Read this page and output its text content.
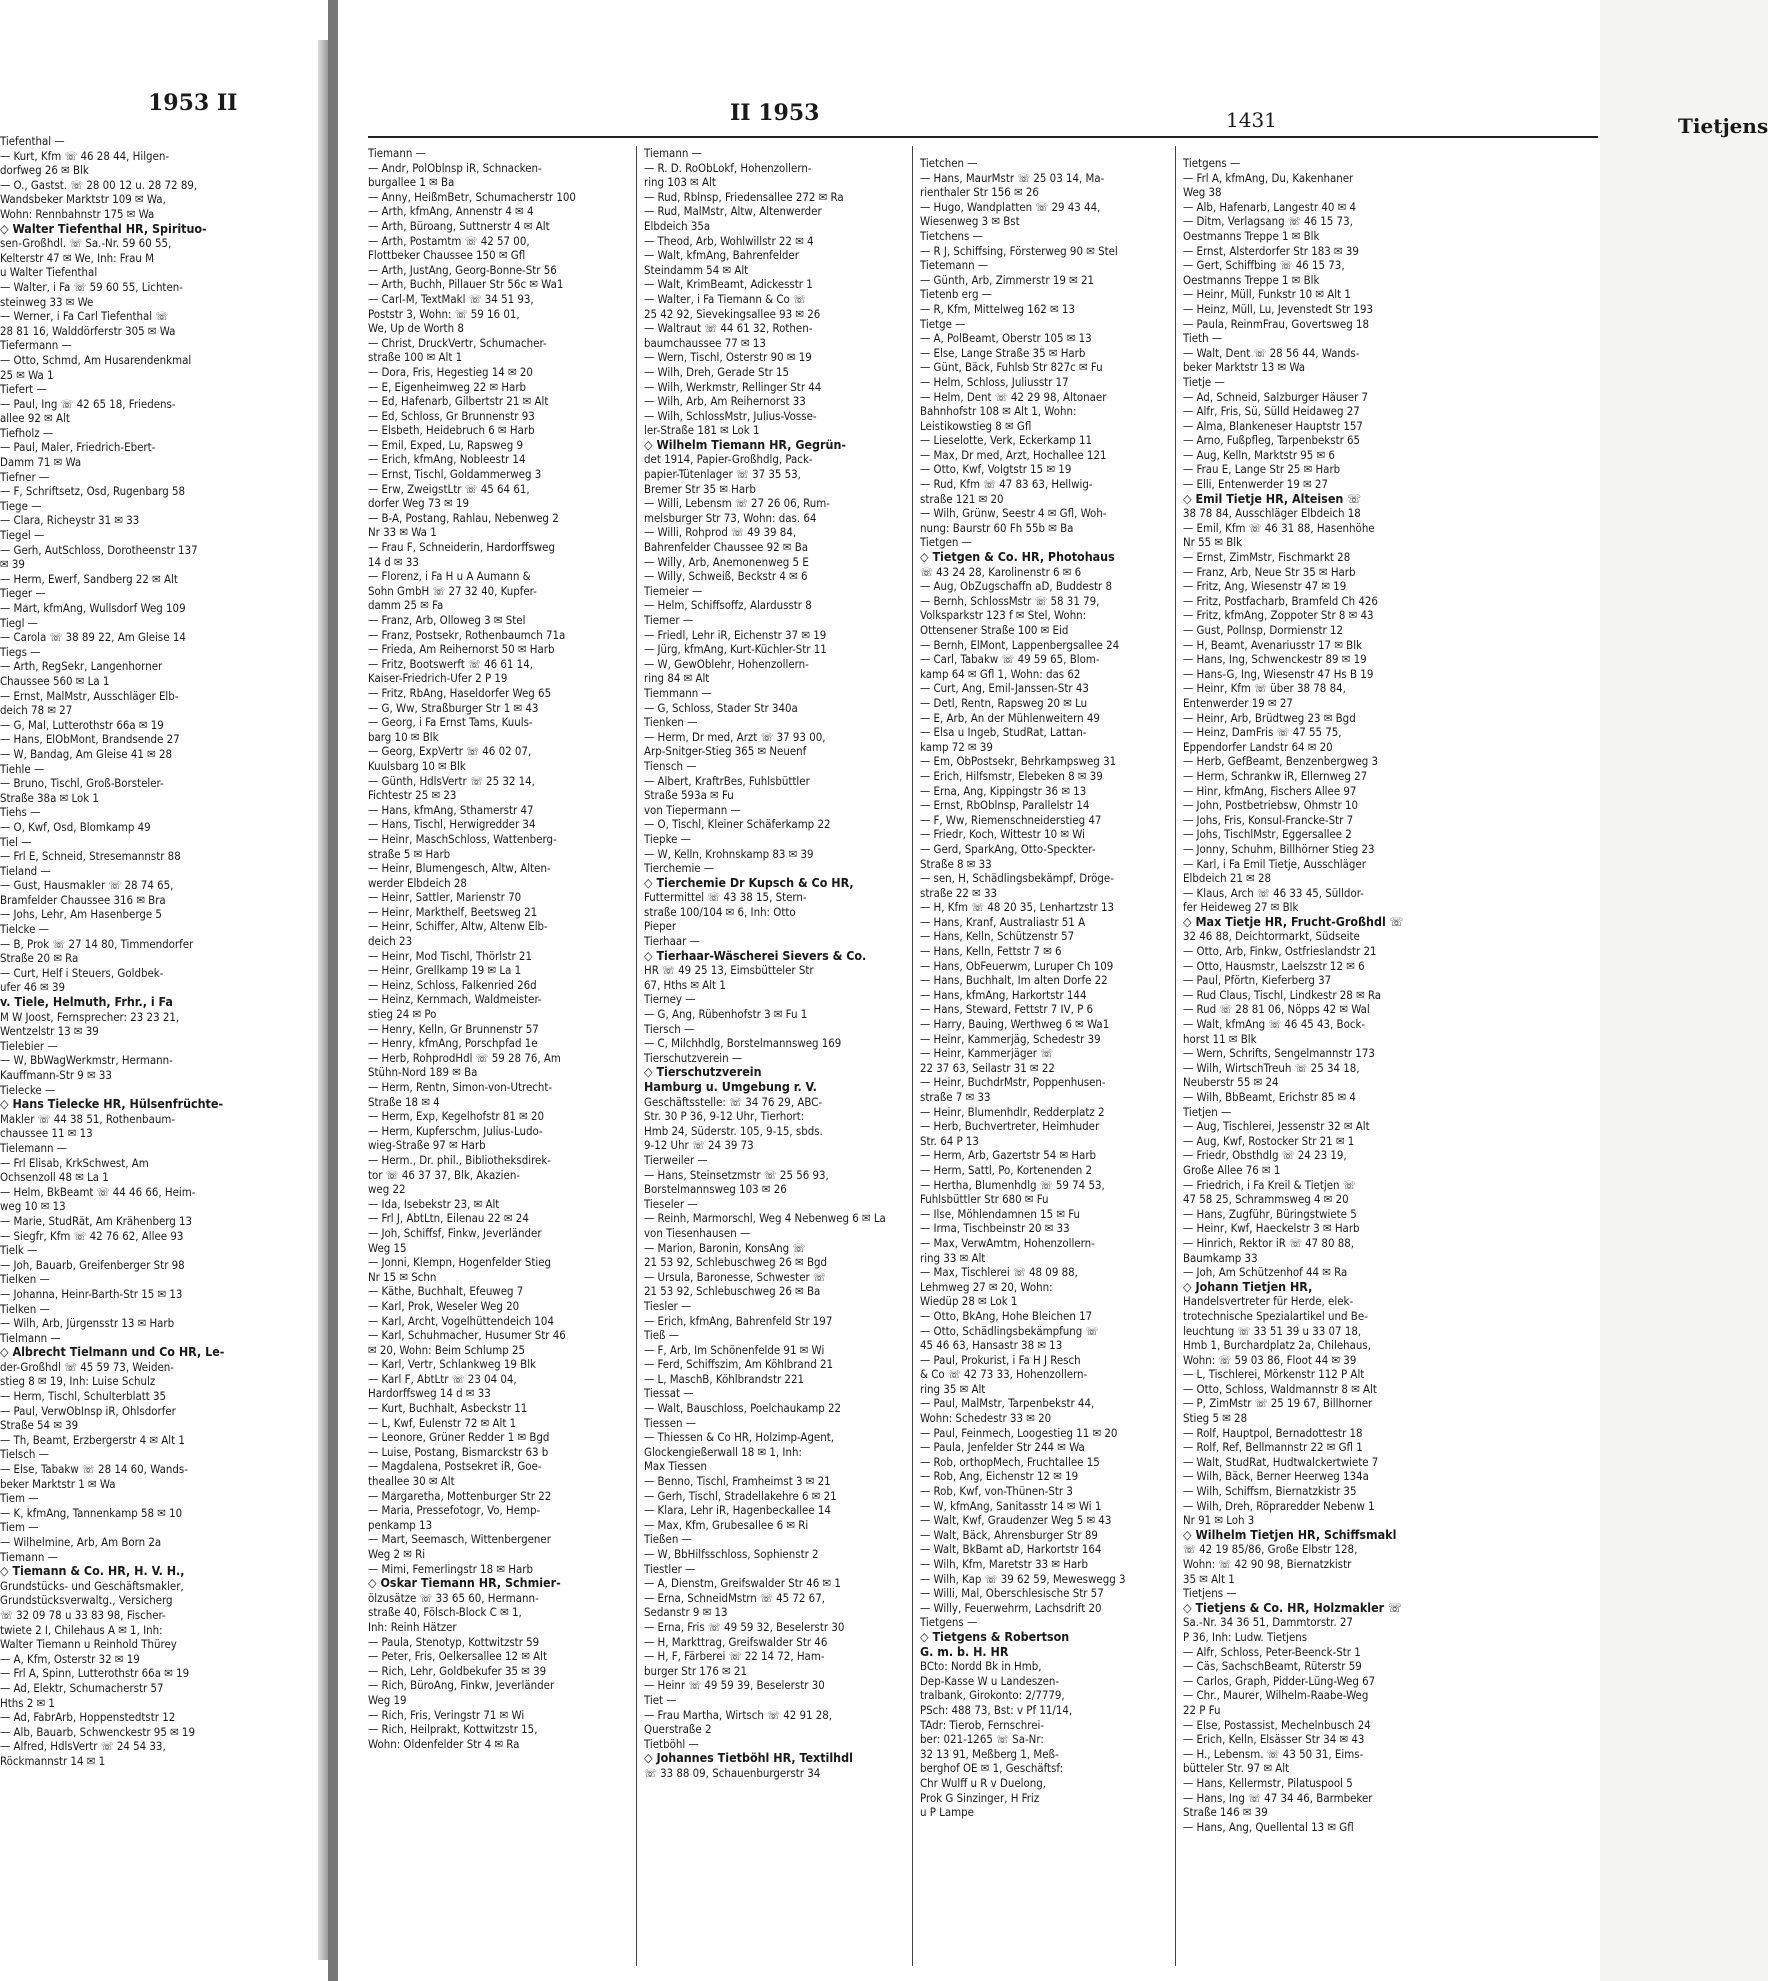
1953 II
Tiefenthal —
— Kurt, Kfm ☏ 46 28 44, Hilgen-
dorfweg 26 ✉ Blk
— O., Gastst. ☏ 28 00 12 u. 28 72 89,
Wandsbeker Marktstr 109 ✉ Wa,
Wohn: Rennbahnstr 175 ✉ Wa
◇ Walter Tiefenthal HR, Spirituo-
sen-Großhdl. ☏ Sa.-Nr. 59 60 55,
Kelterstr 47 ✉ We, Inh: Frau M
u Walter Tiefenthal
— Walter, i Fa ☏ 59 60 55, Lichten-
steinweg 33 ✉ We
— Werner, i Fa Carl Tiefenthal ☏
28 81 16, Walddörferstr 305 ✉ Wa
Tiefermann —
— Otto, Schmd, Am Husarendenkmal
25 ✉ Wa 1
Tiefert —
— Paul, Ing ☏ 42 65 18, Friedens-
allee 92 ✉ Alt
Tiefholz —
— Paul, Maler, Friedrich-Ebert-
Damm 71 ✉ Wa
Tiefner —
— F, Schriftsetz, Osd, Rugenbarg 58
Tiege —
— Clara, Richeystr 31 ✉ 33
Tiegel —
— Gerh, AutSchloss, Dorotheenstr 137
✉ 39
— Herm, Ewerf, Sandberg 22 ✉ Alt
Tieger —
— Mart, kfmAng, Wullsdorf Weg 109
Tiegl —
— Carola ☏ 38 89 22, Am Gleise 14
Tiegs —
— Arth, RegSekr, Langenhorner
Chaussee 560 ✉ La 1
— Ernst, MalMstr, Ausschläger Elb-
deich 78 ✉ 27
— G, Mal, Lutterothstr 66a ✉ 19
— Hans, ElObMont, Brandsende 27
— W, Bandag, Am Gleise 41 ✉ 28
Tiehle —
— Bruno, Tischl, Groß-Borsteler-
Straße 38a ✉ Lok 1
Tiehs —
— O, Kwf, Osd, Blomkamp 49
Tiel —
— Frl E, Schneid, Stresemannstr 88
Tieland —
— Gust, Hausmakler ☏ 28 74 65,
Bramfelder Chaussee 316 ✉ Bra
— Johs, Lehr, Am Hasenberge 5
Tielcke —
— B, Prok ☏ 27 14 80, Timmendorfer
Straße 20 ✉ Ra
— Curt, Helf i Steuers, Goldbek-
ufer 46 ✉ 39
v. Tiele, Helmuth, Frhr., i Fa
M W Joost, Fernsprecher: 23 23 21,
Wentzelstr 13 ✉ 39
Tielebier —
— W, BbWagWerkmstr, Hermann-
Kauffmann-Str 9 ✉ 33
Tielecke —
◇ Hans Tielecke HR, Hülsenfrüchte-
Makler ☏ 44 38 51, Rothenbaum-
chaussee 11 ✉ 13
Tielemann —
— Frl Elisab, KrkSchwest, Am
Ochsenzoll 48 ✉ La 1
— Helm, BkBeamt ☏ 44 46 66, Heim-
weg 10 ✉ 13
— Marie, StudRät, Am Krähenberg 13
— Siegfr, Kfm ☏ 42 76 62, Allee 93
Tielk —
— Joh, Bauarb, Greifenberger Str 98
Tielken —
— Johanna, Heinr-Barth-Str 15 ✉ 13
Tielken —
— Wilh, Arb, Jürgensstr 13 ✉ Harb
Tielmann —
◇ Albrecht Tielmann und Co HR, Le-
der-Großhdl ☏ 45 59 73, Weiden-
stieg 8 ✉ 19, Inh: Luise Schulz
— Herm, Tischl, Schulterblatt 35
— Paul, VerwObInsp iR, Ohlsdorfer
Straße 54 ✉ 39
— Th, Beamt, Erzbergerstr 4 ✉ Alt 1
Tielsch —
— Else, Tabakw ☏ 28 14 60, Wands-
beker Marktstr 1 ✉ Wa
Tiem —
— K, kfmAng, Tannenkamp 58 ✉ 10
Tiem —
— Wilhelmine, Arb, Am Born 2a
Tiemann —
◇ Tiemann & Co. HR, H. V. H.,
Grundstücks- und Geschäftsmakler,
Grundstücksverwaltg., Versicherg
☏ 32 09 78 u 33 83 98, Fischer-
twiete 2 I, Chilehaus A ✉ 1, Inh:
Walter Tiemann u Reinhold Thürey
— A, Kfm, Osterstr 32 ✉ 19
— Frl A, Spinn, Lutterothstr 66a ✉ 19
— Ad, Elektr, Schumacherstr 57
Hths 2 ✉ 1
— Ad, FabrArb, Hoppenstedtstr 12
— Alb, Bauarb, Schwenckestr 95 ✉ 19
— Alfred, HdlsVertr ☏ 24 54 33,
Röckmannstr 14 ✉ 1
II 1953	1431	Tietjens
Tiemann —
— Andr, PolOblnsp iR, Schnacken-
burgallee 1 ✉ Ba
— Anny, HeißmBetr, Schumacherstr 100
— Arth, kfmAng, Annenstr 4 ✉ 4
— Arth, Büroang, Suttnerstr 4 ✉ Alt
— Arth, Postamtm ☏ 42 57 00,
Flottbeker Chaussee 150 ✉ Gfl
— Arth, JustAng, Georg-Bonne-Str 56
— Arth, Buchh, Pillauer Str 56c ✉ Wa1
— Carl-M, TextMakl ☏ 34 51 93,
Poststr 3, Wohn: ☏ 59 16 01,
We, Up de Worth 8
— Christ, DruckVertr, Schumacher-
straße 100 ✉ Alt 1
— Dora, Fris, Hegestieg 14 ✉ 20
— E, Eigenheimweg 22 ✉ Harb
— Ed, Hafenarb, Gilbertstr 21 ✉ Alt
— Ed, Schloss, Gr Brunnenstr 93
— Elsbeth, Heidebruch 6 ✉ Harb
— Emil, Exped, Lu, Rapsweg 9
— Erich, kfmAng, Nobleestr 14
— Ernst, Tischl, Goldammerweg 3
— Erw, ZweigstLtr ☏ 45 64 61,
dorfer Weg 73 ✉ 19
— B-A, Postang, Rahlau, Nebenweg 2
Nr 33 ✉ Wa 1
— Frau F, Schneiderin, Hardorffsweg
14 d ✉ 33
— Florenz, i Fa H u A Aumann &
Sohn GmbH ☏ 27 32 40, Kupfer-
damm 25 ✉ Fa
— Franz, Arb, Olloweg 3 ✉ Stel
— Franz, Postsekr, Rothenbaumch 71a
— Frieda, Am Reihernorst 50 ✉ Harb
— Fritz, Bootswerft ☏ 46 61 14,
Kaiser-Friedrich-Ufer 2 P 19
— Fritz, RbAng, Haseldorfer Weg 65
— G, Ww, Straßburger Str 1 ✉ 43
— Georg, i Fa Ernst Tams, Kuuls-
barg 10 ✉ Blk
— Georg, ExpVertr ☏ 46 02 07,
Kuulsbarg 10 ✉ Blk
— Günth, HdlsVertr ☏ 25 32 14,
Fichtestr 25 ✉ 23
— Hans, kfmAng, Sthamerstr 47
— Hans, Tischl, Herwigredder 34
— Heinr, MaschSchloss, Wattenberg-
straße 5 ✉ Harb
— Heinr, Blumengesch, Altw, Alten-
werder Elbdeich 28
— Heinr, Sattler, Marienstr 70
— Heinr, Markthelf, Beetsweg 21
— Heinr, Schiffer, Altw, Altenw Elb-
deich 23
— Heinr, Mod Tischl, Thörlstr 21
— Heinr, Grellkamp 19 ✉ La 1
— Heinz, Schloss, Falkenried 26d
— Heinz, Kernmach, Waldmeister-
stieg 24 ✉ Po
— Henry, Kelln, Gr Brunnenstr 57
— Henry, kfmAng, Porschpfad 1e
— Herb, RohprodHdl ☏ 59 28 76, Am
Stühn-Nord 189 ✉ Ba
— Herm, Rentn, Simon-von-Utrecht-
Straße 18 ✉ 4
— Herm, Exp, Kegelhofstr 81 ✉ 20
— Herm, Kupferschm, Julius-Ludo-
wieg-Straße 97 ✉ Harb
— Herm., Dr. phil., Bibliotheksdirek-
tor ☏ 46 37 37, Blk, Akazien-
weg 22
— Ida, Isebekstr 23, ✉ Alt
— Frl J, AbtLtn, Eilenau 22 ✉ 24
— Joh, Schiffsf, Finkw, Jeverländer
Weg 15
— Jonni, Klempn, Hogenfelder Stieg
Nr 15 ✉ Schn
— Käthe, Buchhalt, Efeuweg 7
— Karl, Prok, Weseler Weg 20
— Karl, Archt, Vogelhüttendeich 104
— Karl, Schuhmacher, Husumer Str 46
✉ 20, Wohn: Beim Schlump 25
— Karl, Vertr, Schlankweg 19 Blk
— Karl F, AbtLtr ☏ 23 04 04,
Hardorffsweg 14 d ✉ 33
— Kurt, Buchhalt, Asbeckstr 11
— L, Kwf, Eulenstr 72 ✉ Alt 1
— Leonore, Grüner Redder 1 ✉ Bgd
— Luise, Postang, Bismarckstr 63 b
— Magdalena, Postsekret iR, Goe-
theallee 30 ✉ Alt
— Margaretha, Mottenburger Str 22
— Maria, Pressefotogr, Vo, Hemp-
penkamp 13
— Mart, Seemasch, Wittenbergener
Weg 2 ✉ Ri
— Mimi, Femerlingstr 18 ✉ Harb
◇ Oskar Tiemann HR, Schmier-
ölzusätze ☏ 33 65 60, Hermann-
straße 40, Fölsch-Block C ✉ 1,
Inh: Reinh Hätzer
— Paula, Stenotyp, Kottwitzstr 59
— Peter, Fris, Oelkersallee 12 ✉ Alt
— Rich, Lehr, Goldbekufer 35 ✉ 39
— Rich, BüroAng, Finkw, Jeverländer
Weg 19
— Rich, Fris, Veringstr 71 ✉ Wi
— Rich, Heilprakt, Kottwitzstr 15,
Wohn: Oldenfelder Str 4 ✉ Ra
Tiemann —
— R. D. RoObLokf, Hohenzollern-
ring 103 ✉ Alt
— Rud, Rblnsp, Friedensallee 272 ✉ Ra
— Rud, MalMstr, Altw, Altenwerder
Elbdeich 35a
— Theod, Arb, Wohlwillstr 22 ✉ 4
— Walt, kfmAng, Bahrenfelder
Steindamm 54 ✉ Alt
— Walt, KrimBeamt, Adickesstr 1
— Walter, i Fa Tiemann & Co ☏
25 42 92, Sievekingsallee 93 ✉ 26
— Waltraut ☏ 44 61 32, Rothen-
baumchaussee 77 ✉ 13
— Wern, Tischl, Osterstr 90 ✉ 19
— Wilh, Dreh, Gerade Str 15
— Wilh, Werkmstr, Rellinger Str 44
— Wilh, Arb, Am Reihernorst 33
— Wilh, SchlossMstr, Julius-Vosse-
ler-Straße 181 ✉ Lok 1
◇ Wilhelm Tiemann HR, Gegrün-
det 1914, Papier-Großhdlg, Pack-
papier-Tütenlager ☏ 37 35 53,
Bremer Str 35 ✉ Harb
— Willi, Lebensm ☏ 27 26 06, Rum-
melsburger Str 73, Wohn: das. 64
— Willi, Rohprod ☏ 49 39 84,
Bahrenfelder Chaussee 92 ✉ Ba
— Willy, Arb, Anemonenweg 5 E
— Willy, Schweiß, Beckstr 4 ✉ 6
Tiemeier —
— Helm, Schiffsoffz, Alardusstr 8
Tiemer —
— Friedl, Lehr iR, Eichenstr 37 ✉ 19
— Jürg, kfmAng, Kurt-Küchler-Str 11
— W, GewOblehr, Hohenzollern-
ring 84 ✉ Alt
Tiemmann —
— G, Schloss, Stader Str 340a
Tienken —
— Herm, Dr med, Arzt ☏ 37 93 00,
Arp-Snitger-Stieg 365 ✉ Neuenf
Tiensch —
— Albert, KraftrBes, Fuhlsbüttler
Straße 593a ✉ Fu
von Tiepermann —
— O, Tischl, Kleiner Schäferkamp 22
Tiepke —
— W, Kelln, Krohnskamp 83 ✉ 39
Tierchemie —
◇ Tierchemie Dr Kupsch & Co HR,
Futtermittel ☏ 43 38 15, Stern-
straße 100/104 ✉ 6, Inh: Otto
Pieper
Tierhaar —
◇ Tierhaar-Wäscherei Sievers & Co.
HR ☏ 49 25 13, Eimsbütteler Str
67, Hths ✉ Alt 1
Tierney —
— G, Ang, Rübenhofstr 3 ✉ Fu 1
Tiersch —
— C, Milchhdlg, Borstelmannsweg 169
Tierschutzverein —
◇ Tierschutzverein
Hamburg u. Umgebung r. V.
Geschäftsstelle: ☏ 34 76 29, ABC-
Str. 30 P 36, 9-12 Uhr, Tierhort:
Hmb 24, Süderstr. 105, 9-15, sbds.
9-12 Uhr ☏ 24 39 73
Tierweiler —
— Hans, Steinsetzmstr ☏ 25 56 93,
Borstelmannsweg 103 ✉ 26
Tieseler —
— Reinh, Marmorschl, Weg 4 Nebenweg 6 ✉ La
von Tiesenhausen —
— Marion, Baronin, KonsAng ☏
21 53 92, Schlebuschweg 26 ✉ Bgd
— Ursula, Baronesse, Schwester ☏
21 53 92, Schlebuschweg 26 ✉ Ba
Tiesler —
— Erich, kfmAng, Bahrenfeld Str 197
Tieß —
— F, Arb, Im Schönenfelde 91 ✉ Wi
— Ferd, Schiffszim, Am Köhlbrand 21
— L, MaschB, Köhlbrandstr 221
Tiessat —
— Walt, Bauschloss, Poelchaukamp 22
Tiessen —
— Thiessen & Co HR, Holzimp-Agent,
Glockengießerwall 18 ✉ 1, Inh:
Max Tiessen
— Benno, Tischl, Framheimst 3 ✉ 21
— Gerh, Tischl, Stradellakehre 6 ✉ 21
— Klara, Lehr iR, Hagenbeckallee 14
— Max, Kfm, Grubesallee 6 ✉ Ri
Tießen —
— W, BbHilfsschloss, Sophienstr 2
Tiestler —
— A, Dienstm, Greifswalder Str 46 ✉ 1
— Erna, SchneidMstrn ☏ 45 72 67,
Sedanstr 9 ✉ 13
— Erna, Fris ☏ 49 59 32, Beselerstr 30
— H, Markttrag, Greifswalder Str 46
— H, F, Färberei ☏ 22 14 72, Ham-
burger Str 176 ✉ 21
— Heinr ☏ 49 59 39, Beselerstr 30
Tiet —
— Frau Martha, Wirtsch ☏ 42 91 28,
Querstraße 2
Tietböhl —
◇ Johannes Tietböhl HR, Textilhdl
☏ 33 88 09, Schauenburgerstr 34
Tietchen —
— Hans, MaurMstr ☏ 25 03 14, Ma-
rienthaler Str 156 ✉ 26
— Hugo, Wandplatten ☏ 29 43 44,
Wiesenweg 3 ✉ Bst
Tietchens —
— R J, Schiffsing, Försterweg 90 ✉ Stel
Tietemann —
— Günth, Arb, Zimmerstr 19 ✉ 21
Tietenb erg —
— R, Kfm, Mittelweg 162 ✉ 13
Tietge —
— A, PolBeamt, Oberstr 105 ✉ 13
— Else, Lange Straße 35 ✉ Harb
— Günt, Bäck, Fuhlsb Str 827c ✉ Fu
— Helm, Schloss, Juliusstr 17
— Helm, Dent ☏ 42 29 98, Altonaer
Bahnhofstr 108 ✉ Alt 1, Wohn:
Leistikowstieg 8 ✉ Gfl
— Lieselotte, Verk, Eckerkamp 11
— Max, Dr med, Arzt, Hochallee 121
— Otto, Kwf, Volgtstr 15 ✉ 19
— Rud, Kfm ☏ 47 83 63, Hellwig-
straße 121 ✉ 20
— Wilh, Grünw, Seestr 4 ✉ Gfl, Woh-
nung: Baurstr 60 Fh 55b ✉ Ba
Tietgen —
◇ Tietgen & Co. HR, Photohaus
☏ 43 24 28, Karolinenstr 6 ✉ 6
— Aug, ObZugschaffn aD, Buddestr 8
— Bernh, SchlossMstr ☏ 58 31 79,
Volksparkstr 123 f ✉ Stel, Wohn:
Ottensener Straße 100 ✉ Eid
— Bernh, ElMont, Lappenbergsallee 24
— Carl, Tabakw ☏ 49 59 65, Blom-
kamp 64 ✉ Gfl 1, Wohn: das 62
— Curt, Ang, Emil-Janssen-Str 43
— Detl, Rentn, Rapsweg 20 ✉ Lu
— E, Arb, An der Mühlenweitern 49
— Elsa u Ingeb, StudRat, Lattan-
kamp 72 ✉ 39
— Em, ObPostsekr, Behrkampsweg 31
— Erich, Hilfsmstr, Elebeken 8 ✉ 39
— Erna, Ang, Kippingstr 36 ✉ 13
— Ernst, RbOblnsp, Parallelstr 14
— F, Ww, Riemenschneiderstieg 47
— Friedr, Koch, Wittestr 10 ✉ Wi
— Gerd, SparkAng, Otto-Speckter-
Straße 8 ✉ 33
— sen, H, Schädlingsbekämpf, Dröge-
straße 22 ✉ 33
— H, Kfm ☏ 48 20 35, Lenhartzstr 13
— Hans, Kranf, Australiastr 51 A
— Hans, Kelln, Schützenstr 57
— Hans, Kelln, Fettstr 7 ✉ 6
— Hans, ObFeuerwm, Luruper Ch 109
— Hans, Buchhalt, Im alten Dorfe 22
— Hans, kfmAng, Harkortstr 144
— Hans, Steward, Fettstr 7 IV, P 6
— Harry, Bauing, Werthweg 6 ✉ Wa1
— Heinr, Kammerjäg, Schedestr 39
— Heinr, Kammerjäger ☏
22 37 63, Seilastr 31 ✉ 22
— Heinr, BuchdrMstr, Poppenhusen-
straße 7 ✉ 33
— Heinr, Blumenhdlr, Redderplatz 2
— Herb, Buchvertreter, Heimhuder
Str. 64 P 13
— Herm, Arb, Gazertstr 54 ✉ Harb
— Herm, Sattl, Po, Kortenenden 2
— Hertha, Blumenhdlg ☏ 59 74 53,
Fuhlsbüttler Str 680 ✉ Fu
— Ilse, Möhlendamnen 15 ✉ Fu
— Irma, Tischbeinstr 20 ✉ 33
— Max, VerwAmtm, Hohenzollern-
ring 33 ✉ Alt
— Max, Tischlerei ☏ 48 09 88,
Lehmweg 27 ✉ 20, Wohn:
Wiedüp 28 ✉ Lok 1
— Otto, BkAng, Hohe Bleichen 17
— Otto, Schädlingsbekämpfung ☏
45 46 63, Hansastr 38 ✉ 13
— Paul, Prokurist, i Fa H J Resch
& Co ☏ 42 73 33, Hohenzollern-
ring 35 ✉ Alt
— Paul, MalMstr, Tarpenbekstr 44,
Wohn: Schedestr 33 ✉ 20
— Paul, Feinmech, Loogestieg 11 ✉ 20
— Paula, Jenfelder Str 244 ✉ Wa
— Rob, orthopMech, Fruchtallee 15
— Rob, Ang, Eichenstr 12 ✉ 19
— Rob, Kwf, von-Thünen-Str 3
— W, kfmAng, Sanitasstr 14 ✉ Wi 1
— Walt, Kwf, Graudenzer Weg 5 ✉ 43
— Walt, Bäck, Ahrensburger Str 89
— Walt, BkBamt aD, Harkortstr 164
— Wilh, Kfm, Maretstr 33 ✉ Harb
— Wilh, Kap ☏ 39 62 59, Meweswegg 3
— Willi, Mal, Oberschlesische Str 57
— Willy, Feuerwehrm, Lachsdrift 20
Tietgens —
◇ Tietgens & Robertson
G. m. b. H. HR
BCto: Nordd Bk in Hmb,
Dep-Kasse W u Landeszen-
tralbank, Girokonto: 2/7779,
PSch: 488 73, Bst: v Pf 11/14,
TAdr: Tierob, Fernschrei-
ber: 021-1265 ☏ Sa-Nr:
32 13 91, Meßberg 1, Meß-
berghof OE ✉ 1, Geschäftsf:
Chr Wulff u R v Duelong,
Prok G Sinzinger, H Friz
u P Lampe
Tietgens —
— Frl A, kfmAng, Du, Kakenhaner
Weg 38
— Alb, Hafenarb, Langestr 40 ✉ 4
— Ditm, Verlagsang ☏ 46 15 73,
Oestmanns Treppe 1 ✉ Blk
— Ernst, Alsterdorfer Str 183 ✉ 39
— Gert, Schiffbing ☏ 46 15 73,
Oestmanns Treppe 1 ✉ Blk
— Heinr, Müll, Funkstr 10 ✉ Alt 1
— Heinz, Müll, Lu, Jevenstedt Str 193
— Paula, ReinmFrau, Govertsweg 18
Tieth —
— Walt, Dent ☏ 28 56 44, Wands-
beker Marktstr 13 ✉ Wa
Tietje —
— Ad, Schneid, Salzburger Häuser 7
— Alfr, Fris, Sü, Sülld Heidaweg 27
— Alma, Blankeneser Hauptstr 157
— Arno, Fußpfleg, Tarpenbekstr 65
— Aug, Kelln, Marktstr 95 ✉ 6
— Frau E, Lange Str 25 ✉ Harb
— Elli, Entenwerder 19 ✉ 27
◇ Emil Tietje HR, Alteisen ☏
38 78 84, Ausschläger Elbdeich 18
— Emil, Kfm ☏ 46 31 88, Hasenhöhe
Nr 55 ✉ Blk
— Ernst, ZimMstr, Fischmarkt 28
— Franz, Arb, Neue Str 35 ✉ Harb
— Fritz, Ang, Wiesenstr 47 ✉ 19
— Fritz, Postfacharb, Bramfeld Ch 426
— Fritz, kfmAng, Zoppoter Str 8 ✉ 43
— Gust, Pollnsp, Dormienstr 12
— H, Beamt, Avenariusstr 17 ✉ Blk
— Hans, Ing, Schwenckestr 89 ✉ 19
— Hans-G, Ing, Wiesenstr 47 Hs B 19
— Heinr, Kfm ☏ über 38 78 84,
Entenwerder 19 ✉ 27
— Heinr, Arb, Brüdtweg 23 ✉ Bgd
— Heinz, DamFris ☏ 47 55 75,
Eppendorfer Landstr 64 ✉ 20
— Herb, GefBeamt, Benzenbergweg 3
— Herm, Schrankw iR, Ellernweg 27
— Hinr, kfmAng, Fischers Allee 97
— John, Postbetriebsw, Ohmstr 10
— Johs, Fris, Konsul-Francke-Str 7
— Johs, TischlMstr, Eggersallee 2
— Jonny, Schuhm, Billhörner Stieg 23
— Karl, i Fa Emil Tietje, Ausschläger
Elbdeich 21 ✉ 28
— Klaus, Arch ☏ 46 33 45, Sülldor-
fer Heideweg 27 ✉ Blk
◇ Max Tietje HR, Frucht-Großhdl ☏
32 46 88, Deichtormarkt, Südseite
— Otto, Arb, Finkw, Ostfrieslandstr 21
— Otto, Hausmstr, Laelszstr 12 ✉ 6
— Paul, Pförtn, Kieferberg 37
— Rud Claus, Tischl, Lindkestr 28 ✉ Ra
— Rud ☏ 28 81 06, Nöpps 42 ✉ Wal
— Walt, kfmAng ☏ 46 45 43, Bock-
horst 11 ✉ Blk
— Wern, Schrifts, Sengelmannstr 173
— Wilh, WirtschTreuh ☏ 25 34 18,
Neuberstr 55 ✉ 24
— Wilh, BbBeamt, Erichstr 85 ✉ 4
Tietjen —
— Aug, Tischlerei, Jessenstr 32 ✉ Alt
— Aug, Kwf, Rostocker Str 21 ✉ 1
— Friedr, Obsthdlg ☏ 24 23 19,
Große Allee 76 ✉ 1
— Friedrich, i Fa Kreil & Tietjen ☏
47 58 25, Schrammsweg 4 ✉ 20
— Hans, Zugführ, Büringstwiete 5
— Heinr, Kwf, Haeckelstr 3 ✉ Harb
— Hinrich, Rektor iR ☏ 47 80 88,
Baumkamp 33
— Joh, Am Schützenhof 44 ✉ Ra
◇ Johann Tietjen HR,
Handelsvertreter für Herde, elek-
trotechnische Spezialartikel und Be-
leuchtung ☏ 33 51 39 u 33 07 18,
Hmb 1, Burchardplatz 2a, Chilehaus,
Wohn: ☏ 59 03 86, Floot 44 ✉ 39
— L, Tischlerei, Mörkenstr 112 P Alt
— Otto, Schloss, Waldmannstr 8 ✉ Alt
— P, ZimMstr ☏ 25 19 67, Billhorner
Stieg 5 ✉ 28
— Rolf, Hauptpol, Bernadottestr 18
— Rolf, Ref, Bellmannstr 22 ✉ Gfl 1
— Walt, StudRat, Hudtwalckertwiete 7
— Wilh, Bäck, Berner Heerweg 134a
— Wilh, Schiffsm, Biernatzkistr 35
— Wilh, Dreh, Röpraredder Nebenw 1
Nr 91 ✉ Loh 3
◇ Wilhelm Tietjen HR, Schiffsmakl
☏ 42 19 85/86, Große Elbstr 128,
Wohn: ☏ 42 90 98, Biernatzkistr
35 ✉ Alt 1
Tietjens —
◇ Tietjens & Co. HR, Holzmakler ☏
Sa.-Nr. 34 36 51, Dammtorstr. 27
P 36, Inh: Ludw. Tietjens
— Alfr, Schloss, Peter-Beenck-Str 1
— Cäs, SachschBeamt, Rüterstr 59
— Carlos, Graph, Pidder-Lüng-Weg 67
— Chr., Maurer, Wilhelm-Raabe-Weg
22 P Fu
— Else, Postassist, Mechelnbusch 24
— Erich, Kelln, Elsässer Str 34 ✉ 43
— H., Lebensm. ☏ 43 50 31, Eims-
bütteler Str. 97 ✉ Alt
— Hans, Kellermstr, Pilatuspool 5
— Hans, Ing ☏ 47 34 46, Barmbeker
Straße 146 ✉ 39
— Hans, Ang, Quellental 13 ✉ Gfl
